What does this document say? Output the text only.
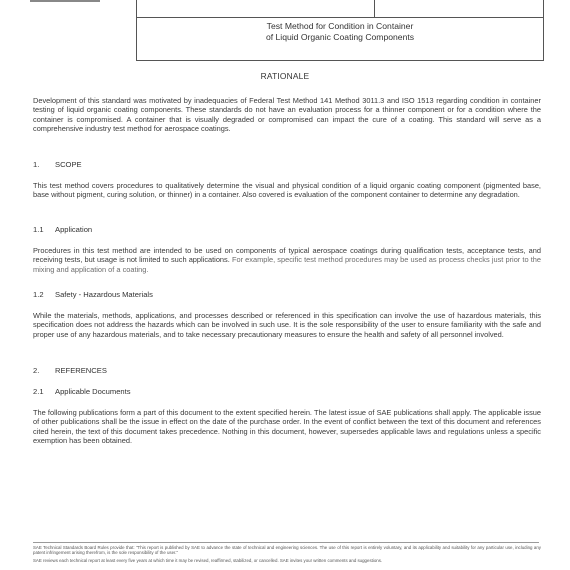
Test Method for Condition in Container
of Liquid Organic Coating Components
RATIONALE
Development of this standard was motivated by inadequacies of Federal Test Method 141 Method 3011.3 and ISO 1513 regarding condition in container testing of liquid organic coating components. These standards do not have an evaluation process for a thinner component or for a condition where the container is compromised. A container that is visually degraded or compromised can impact the cure of a coating. This standard will serve as a comprehensive industry test method for aerospace coatings.
1. SCOPE
This test method covers procedures to qualitatively determine the visual and physical condition of a liquid organic coating component (pigmented base, base without pigment, curing solution, or thinner) in a container. Also covered is evaluation of the component container to determine any degradation.
1.1 Application
Procedures in this test method are intended to be used on components of typical aerospace coatings during qualification tests, acceptance tests, and receiving tests, but usage is not limited to such applications. For example, specific test method procedures may be used as process checks just prior to the mixing and application of a coating.
1.2 Safety - Hazardous Materials
While the materials, methods, applications, and processes described or referenced in this specification can involve the use of hazardous materials, this specification does not address the hazards which can be involved in such use. It is the sole responsibility of the user to ensure familiarity with the safe and proper use of any hazardous materials, and to take necessary precautionary measures to ensure the health and safety of all personnel involved.
2. REFERENCES
2.1 Applicable Documents
The following publications form a part of this document to the extent specified herein. The latest issue of SAE publications shall apply. The applicable issue of other publications shall be the issue in effect on the date of the purchase order. In the event of conflict between the text of this document and references cited herein, the text of this document takes precedence. Nothing in this document, however, supersedes applicable laws and regulations unless a specific exemption has been obtained.
SAE Technical Standards Board Rules provide that: "This report is published by SAE to advance the state of technical and engineering sciences. The use of this report is entirely voluntary, and its applicability and suitability for any particular use, including any patent infringement arising therefrom, is the sole responsibility of the user."
SAE reviews each technical report at least every five years at which time it may be revised, reaffirmed, stabilized, or cancelled. SAE invites your written comments and suggestions.
